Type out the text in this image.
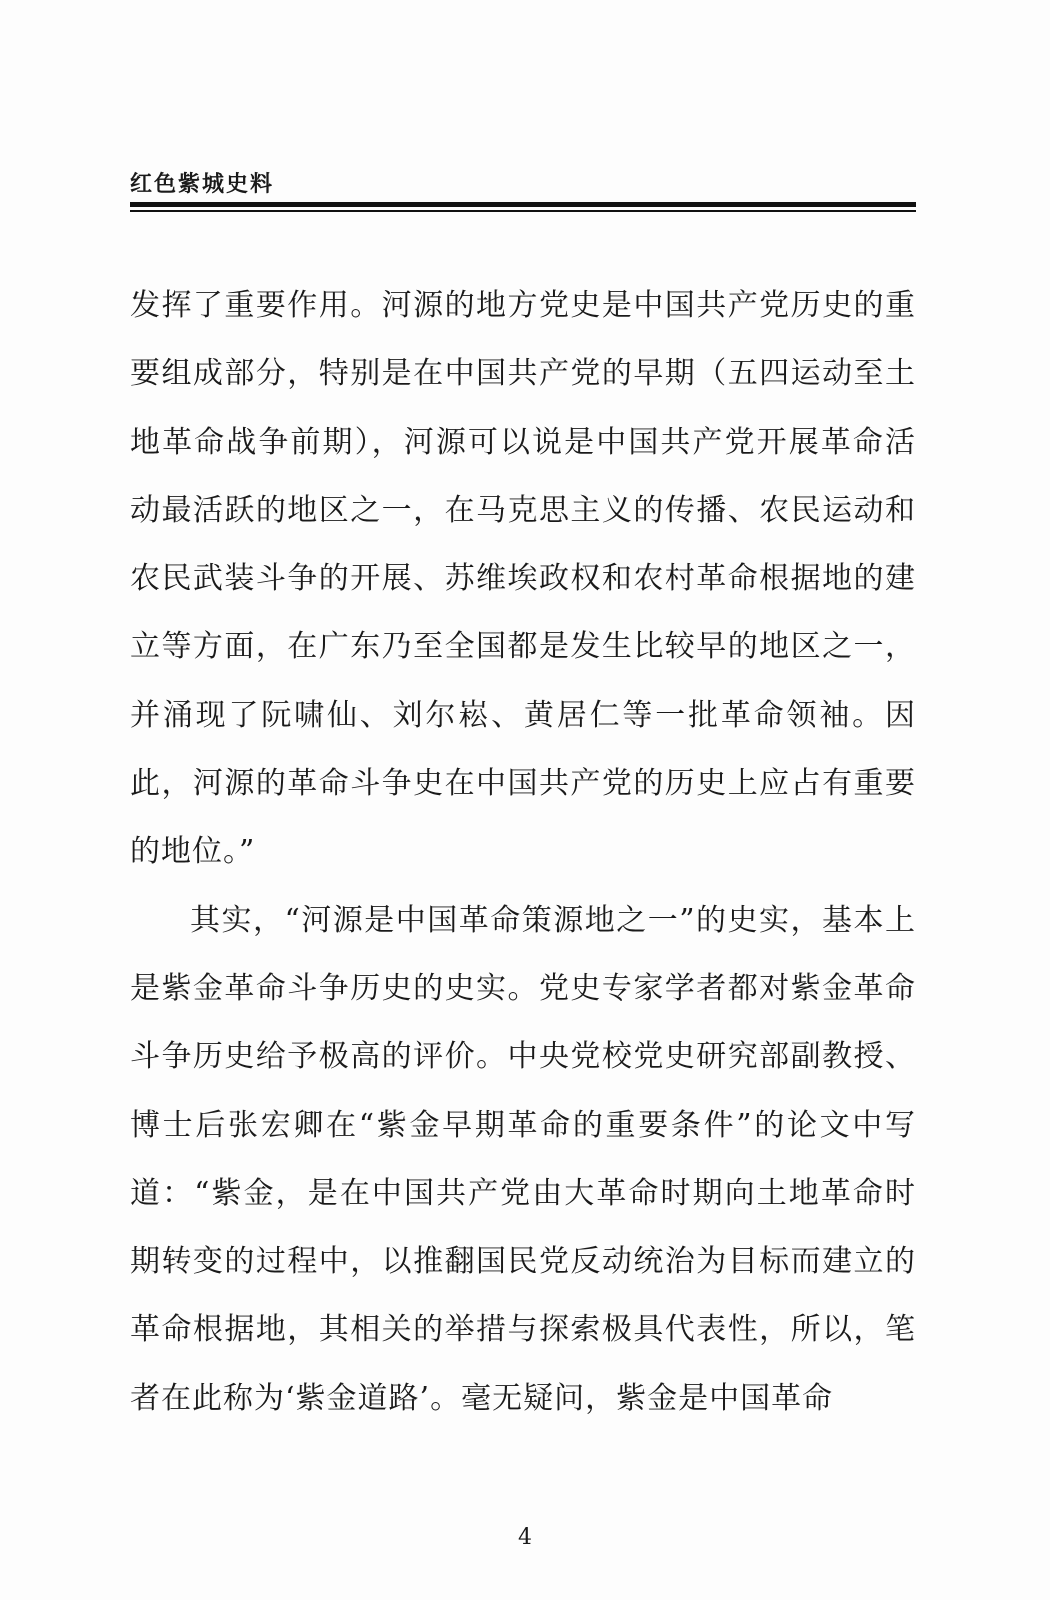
红色紫城史料

发挥了重要作用。河源的地方党史是中国共产党历史的重要组成部分，特别是在中国共产党的早期（五四运动至土地革命战争前期），河源可以说是中国共产党开展革命活动最活跃的地区之一，在马克思主义的传播、农民运动和农民武装斗争的开展、苏维埃政权和农村革命根据地的建立等方面，在广东乃至全国都是发生比较早的地区之一，并涌现了阮啸仙、刘尔崧、黄居仁等一批革命领袖。因此，河源的革命斗争史在中国共产党的历史上应占有重要的地位。”

其实，“河源是中国革命策源地之一”的史实，基本上是紫金革命斗争历史的史实。党史专家学者都对紫金革命斗争历史给予极高的评价。中央党校党史研究部副教授、博士后张宏卿在“紫金早期革命的重要条件”的论文中写道：“紫金，是在中国共产党由大革命时期向土地革命时期转变的过程中，以推翻国民党反动统治为目标而建立的革命根据地，其相关的举措与探索极具代表性，所以，笔者在此称为‘紫金道路’。毫无疑问，紫金是中国革命

4
